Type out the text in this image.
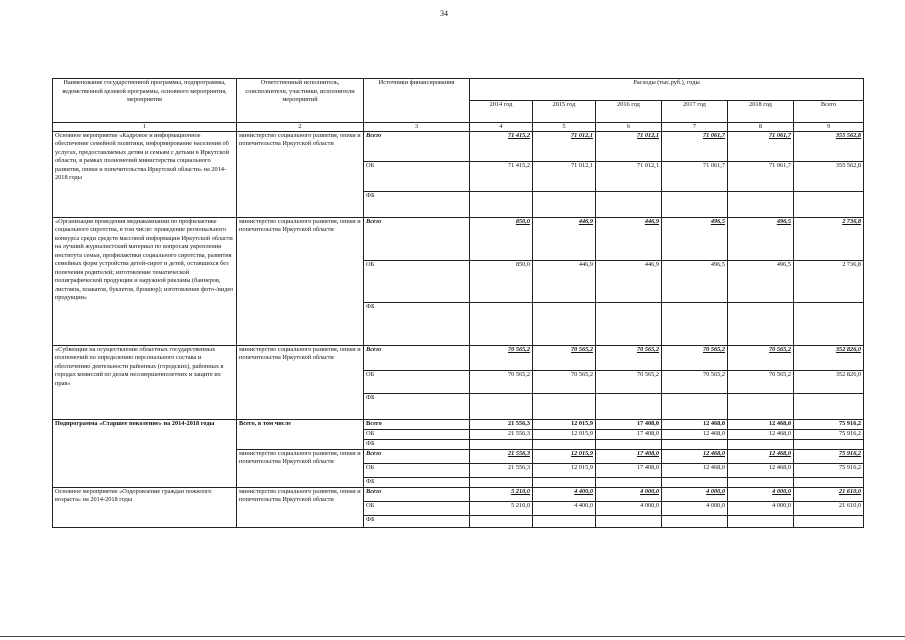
34
Наименование государственной программы, подпрограммы, ведомственной целевой программы, основного мероприятия, мероприятия	Ответственный исполнитель, соисполнители, участники, исполнители мероприятий	Источники финансирования	Расходы (тыс.руб.), годы					
			2014 год	2015 год	2016 год	2017 год	2018 год	Всего
1	2	3	4	5	6	7	8	9
Основное мероприятие «Кадровое и информационное обеспечение семейной политики, информирование населения об услугах, предоставляемых детям и семьям с детьми в Иркутской области, в рамках полномочий министерства социального развития, опеки и попечительства Иркутской области» на 2014-2018 годы	министерство социального развития, опеки и попечительства Иркутской области	Всего	71 415,2	71 012,1	71 012,1	71 061,7	71 061,7	355 562,8
		ОБ	71 415,2	71 012,1	71 012,1	71 061,7	71 061,7	355 562,8
		ФБ						
«Организация проведения медиакампании по профилактике социального сиротства, в том числе: проведение регионального конкурса среди средств массовой информации Иркутской области на лучший журналистский материал по вопросам укрепления института семьи, профилактики социального сиротства, развития семейных форм устройства детей-сирот и детей, оставшихся без попечения родителей; изготовление тематической полиграфической продукции и наружной рекламы (баннеров, листовок, плакатов, буклетов, брошюр); изготовление фото-/видео продукции»	министерство социального развития, опеки и попечительства Иркутской области	Всего	850,0	446,9	446,9	496,5	496,5	2 736,8
		ОБ	850,0	446,9	446,9	496,5	496,5	2 736,8
		ФБ						
«Субвенции на осуществление областных государственных полномочий по определению персонального состава и обеспечению деятельности районных (городских), районных в городах комиссий по делам несовершеннолетних и защите их прав»	министерство социального развития, опеки и попечительства Иркутской области	Всего	70 565,2	70 565,2	70 565,2	70 565,2	70 565,2	352 826,0
		ОБ	70 565,2	70 565,2	70 565,2	70 565,2	70 565,2	352 826,0
		ФБ						
Подпрограмма «Старшее поколение» на 2014-2018 годы	Всего, в том числе	Всего	21 556,3	12 015,9	17 408,0	12 468,0	12 468,0	75 916,2
		ОБ	21 556,3	12 015,9	17 408,0	12 468,0	12 468,0	75 916,2
		ФБ						
	министерство социального развития, опеки и попечительства Иркутской области	Всего	21 556,3	12 015,9	17 408,0	12 468,0	12 468,0	75 916,2
		ОБ	21 556,3	12 015,9	17 408,0	12 468,0	12 468,0	75 916,2
		ФБ						
Основное мероприятие «Оздоровление граждан пожилого возраста» на 2014-2018 годы	министерство социального развития, опеки и попечительства Иркутской области	Всего	5 210,0	4 400,0	4 000,0	4 000,0	4 000,0	21 610,0
		ОБ	5 210,0	4 400,0	4 000,0	4 000,0	4 000,0	21 610,0
		ФБ						
